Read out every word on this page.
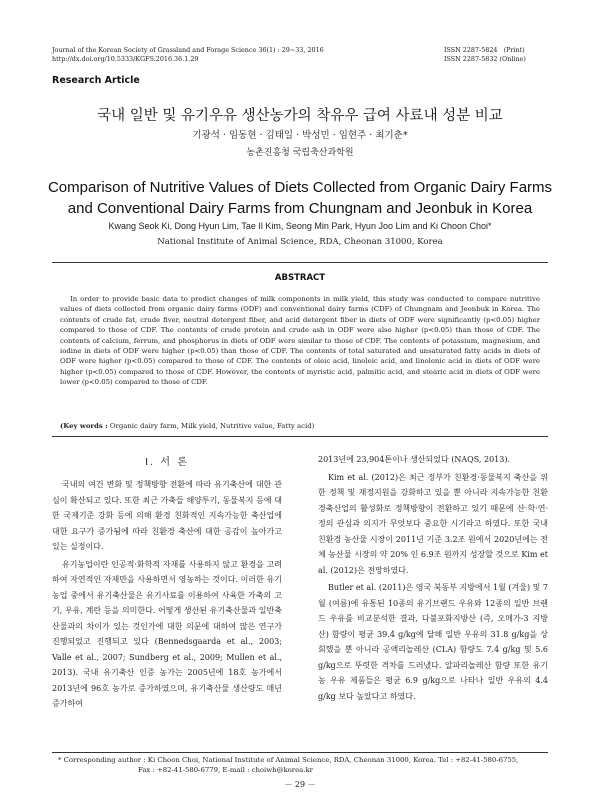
Journal of the Korean Society of Grassland and Forage Science 36(1) : 29~33, 2016
http://dx.doi.org/10.5333/KGFS.2016.36.1.29
ISSN 2287-5824   (Print)
ISSN 2287-5832 (Online)
Research Article
국내 일반 및 유기우유 생산농가의 착유우 급여 사료내 성분 비교
기광석 · 임동현 · 김태일 · 박성민 · 임현주 · 최기춘*
농촌진흥청 국립축산과학원
Comparison of Nutritive Values of Diets Collected from Organic Dairy Farms
and Conventional Dairy Farms from Chungnam and Jeonbuk in Korea
Kwang Seok Ki, Dong Hyun Lim, Tae Il Kim, Seong Min Park, Hyun Joo Lim and Ki Choon Choi*
National Institute of Animal Science, RDA, Cheonan 31000, Korea
ABSTRACT
In order to provide basic data to predict changes of milk components in milk yield, this study was conducted to compare nutritive values of diets collected from organic dairy farms (ODF) and conventional dairy farms (CDF) of Chungnam and Jeonbuk in Korea. The contents of crude fat, crude fiver, neutral detergent fiber, and acid detergent fiber in diets of ODF were significantly (p<0.05) higher compared to those of CDF. The contents of crude protein and crude ash in ODF were also higher (p<0.05) than those of CDF. The contents of calcium, ferrum, and phosphorus in diets of ODF were similar to those of CDF. The contents of potassium, magnesium, and iodine in diets of ODF were higher (p<0.05) than those of CDF. The contents of total saturated and unsaturated fatty acids in diets of ODF were higher (p<0.05) compared to those of CDF. The contents of oleic acid, linoleic acid, and linolenic acid in diets of ODF were higher (p<0.05) compared to those of CDF. However, the contents of myristic acid, palmitic acid, and stearic acid in diets of ODF were lower (p<0.05) compared to those of CDF.
(Key words : Organic dairy farm, Milk yield, Nutritive value, Fatty acid)
I. 서 론

국내의 여건 변화 및 정책방향 전환에 따라 유기축산에 대한 관심이 확산되고 있다. 또한 최근 가축들 해양투기, 동물복지 등에 대한 국제기준 강화 등에 의해 환경 친화적인 지속가능한 축산업에 대한 요구가 증가됨에 따라 친환경 축산에 대한 공감이 높아가고 있는 실정이다.

유기농업이란 인공적·화학적 자재를 사용하지 않고 환경을 고려하여 자연적인 자재만을 사용하면서 영농하는 것이다. 이러한 유기농업 중에서 유기축산물은 유기사료를 이용하여 사육한 가축의 고기, 우유, 계란 등을 의미한다. 어떻게 생산된 유기축산물과 일반축산물과의 차이가 있는 것인가에 대한 의문에 대하여 많은 연구가 진행되었고 진행되고 있다 (Bennedsgaarda et al., 2003; Valle et al., 2007; Sundberg et al., 2009; Mullen et al., 2013). 국내 유기축산 인증 농가는 2005년에 18호 농가에서 2013년에 96호 농가로 증가하였으며, 유기축산물 생산량도 매년 증가하여

2013년에 23,904톤이나 생산되었다 (NAQS, 2013).

Kim et al. (2012)은 최근 정부가 친환경·동물복지 축산을 위한 정책 및 재정지원을 강화하고 있을 뿐 아니라 지속가능한 친환경축산업의 활성화로 정책방향이 전환하고 있기 때문에 산·학·연·정의 관심과 의지가 무엇보다 중요한 시기라고 하였다. 또한 국내 친환경 농산물 시장이 2011년 기준 3.2조 원에서 2020년에는 전체 농산물 시장의 약 20% 인 6.9조 원까지 성장할 것으로 Kim et al. (2012)은 전망하였다.

Butler et al. (2011)은 영국 북동부 지방에서 1월 (겨울) 및 7월 (여름)에 유통된 10종의 유기브랜드 우유와 12종의 일반 브랜드 우유를 비교분석한 결과, 다불포화지방산 (즉, 오메가-3 지방산) 함량이 평균 39.4 g/kg에 달해 일반 우유의 31.8 g/kg을 상회했을 뿐 아니라 공액리놀레산 (CLA) 함량도 7.4 g/kg 및 5.6 g/kg으로 뚜렷한 격차를 드러냈다. 알파리놀레산 함량 또한 유기농 우유 제품들은 평균 6.9 g/kg으로 나타나 일반 우유의 4.4 g/kg 보다 높았다고 하였다.

* Corresponding author : Ki Choon Choi, National Institute of Animal Science, RDA, Cheonan 31000, Korea. Tel : +82-41-580-6755,
Fax : +82-41-580-6779, E-mail : choiwh@korea.kr
－ 29 －
